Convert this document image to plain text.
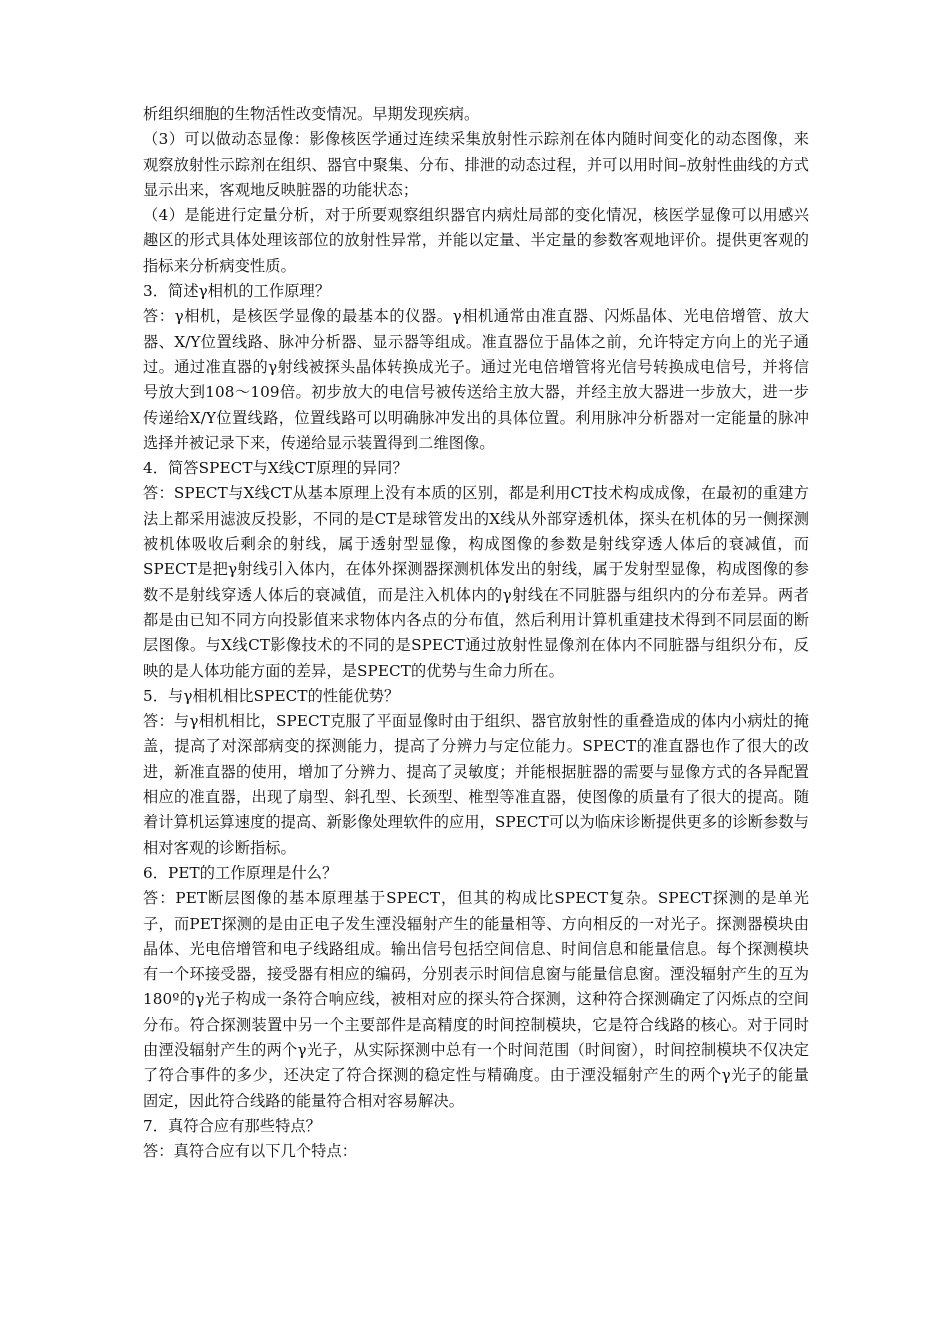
析组织细胞的生物活性改变情况。早期发现疾病。

（3）可以做动态显像：影像核医学通过连续采集放射性示踪剂在体内随时间变化的动态图像，来观察放射性示踪剂在组织、器官中聚集、分布、排泄的动态过程，并可以用时间–放射性曲线的方式显示出来，客观地反映脏器的功能状态；

（4）是能进行定量分析，对于所要观察组织器官内病灶局部的变化情况，核医学显像可以用感兴趣区的形式具体处理该部位的放射性异常，并能以定量、半定量的参数客观地评价。提供更客观的指标来分析病变性质。

3．简述γ相机的工作原理？

答：γ相机，是核医学显像的最基本的仪器。γ相机通常由准直器、闪烁晶体、光电倍增管、放大器、X/Y位置线路、脉冲分析器、显示器等组成。准直器位于晶体之前，允许特定方向上的光子通过。通过准直器的γ射线被探头晶体转换成光子。通过光电倍增管将光信号转换成电信号，并将信号放大到108～109倍。初步放大的电信号被传送给主放大器，并经主放大器进一步放大，进一步传递给X/Y位置线路，位置线路可以明确脉冲发出的具体位置。利用脉冲分析器对一定能量的脉冲选择并被记录下来，传递给显示装置得到二维图像。

4．简答SPECT与X线CT原理的异同？

答：SPECT与X线CT从基本原理上没有本质的区别，都是利用CT技术构成成像，在最初的重建方法上都采用滤波反投影，不同的是CT是球管发出的X线从外部穿透机体，探头在机体的另一侧探测被机体吸收后剩余的射线，属于透射型显像，构成图像的参数是射线穿透人体后的衰减值，而SPECT是把γ射线引入体内，在体外探测器探测机体发出的射线，属于发射型显像，构成图像的参数不是射线穿透人体后的衰减值，而是注入机体内的γ射线在不同脏器与组织内的分布差异。两者都是由已知不同方向投影值来求物体内各点的分布值，然后利用计算机重建技术得到不同层面的断层图像。与X线CT影像技术的不同的是SPECT通过放射性显像剂在体内不同脏器与组织分布，反映的是人体功能方面的差异，是SPECT的优势与生命力所在。

5．与γ相机相比SPECT的性能优势？

答：与γ相机相比，SPECT克服了平面显像时由于组织、器官放射性的重叠造成的体内小病灶的掩盖，提高了对深部病变的探测能力，提高了分辨力与定位能力。SPECT的准直器也作了很大的改进，新准直器的使用，增加了分辨力、提高了灵敏度；并能根据脏器的需要与显像方式的各异配置相应的准直器，出现了扇型、斜孔型、长颈型、椎型等准直器，使图像的质量有了很大的提高。随着计算机运算速度的提高、新影像处理软件的应用，SPECT可以为临床诊断提供更多的诊断参数与相对客观的诊断指标。

6．PET的工作原理是什么？

答：PET断层图像的基本原理基于SPECT，但其的构成比SPECT复杂。SPECT探测的是单光子，而PET探测的是由正电子发生湮没辐射产生的能量相等、方向相反的一对光子。探测器模块由晶体、光电倍增管和电子线路组成。输出信号包括空间信息、时间信息和能量信息。每个探测模块有一个环接受器，接受器有相应的编码，分别表示时间信息窗与能量信息窗。湮没辐射产生的互为180º的γ光子构成一条符合响应线，被相对应的探头符合探测，这种符合探测确定了闪烁点的空间分布。符合探测装置中另一个主要部件是高精度的时间控制模块，它是符合线路的核心。对于同时由湮没辐射产生的两个γ光子，从实际探测中总有一个时间范围（时间窗），时间控制模块不仅决定了符合事件的多少，还决定了符合探测的稳定性与精确度。由于湮没辐射产生的两个γ光子的能量固定，因此符合线路的能量符合相对容易解决。

7．真符合应有那些特点？

答：真符合应有以下几个特点：
